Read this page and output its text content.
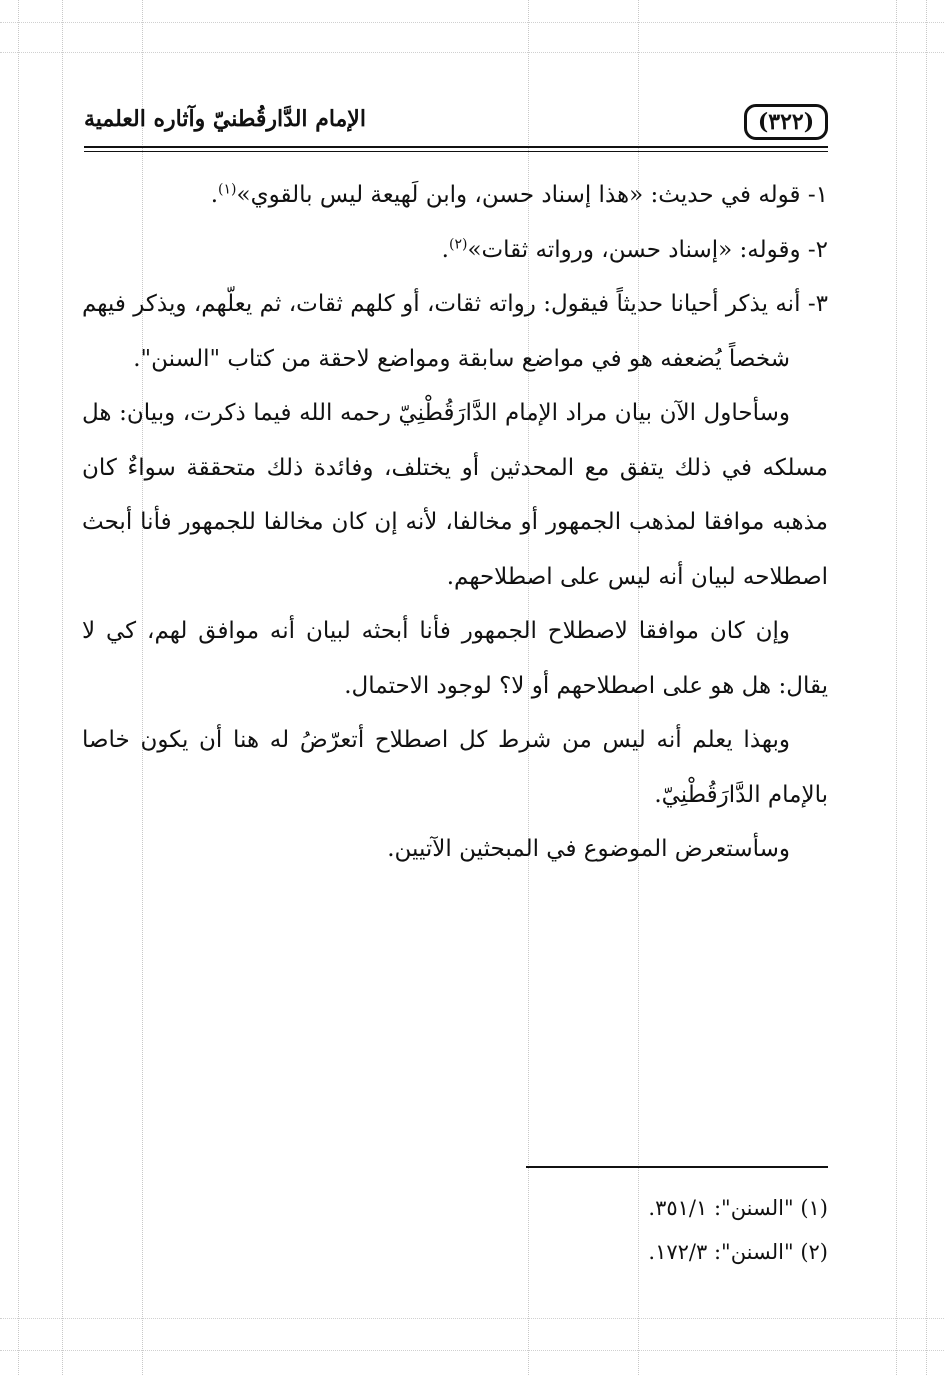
(٣٢٢)
الإمام الدَّارقُطنيّ وآثاره العلمية

١- قوله في حديث: «هذا إسناد حسن، وابن لَهيعة ليس بالقوي»$^{(١)}$.

٢- وقوله: «إسناد حسن، ورواته ثقات»$^{(٢)}$.

٣- أنه يذكر أحيانا حديثاً فيقول: رواته ثقات، أو كلهم ثقات، ثم يعلّهم، ويذكر فيهم شخصاً يُضعفه هو في مواضع سابقة ومواضع لاحقة من كتاب "السنن".

وسأحاول الآن بيان مراد الإمام الدَّارَقُطْنِيّ رحمه الله فيما ذكرت، وبيان: هل مسلكه في ذلك يتفق مع المحدثين أو يختلف، وفائدة ذلك متحققة سواءٌ كان مذهبه موافقا لمذهب الجمهور أو مخالفا، لأنه إن كان مخالفا للجمهور فأنا أبحث اصطلاحه لبيان أنه ليس على اصطلاحهم.

وإن كان موافقا لاصطلاح الجمهور فأنا أبحثه لبيان أنه موافق لهم، كي لا يقال: هل هو على اصطلاحهم أو لا؟ لوجود الاحتمال.

وبهذا يعلم أنه ليس من شرط كل اصطلاح أتعرّضُ له هنا أن يكون خاصا بالإمام الدَّارَقُطْنِيّ.

وسأستعرض الموضوع في المبحثين الآتيين.

(١) "السنن": ٣٥١/١.

(٢) "السنن": ١٧٢/٣.
